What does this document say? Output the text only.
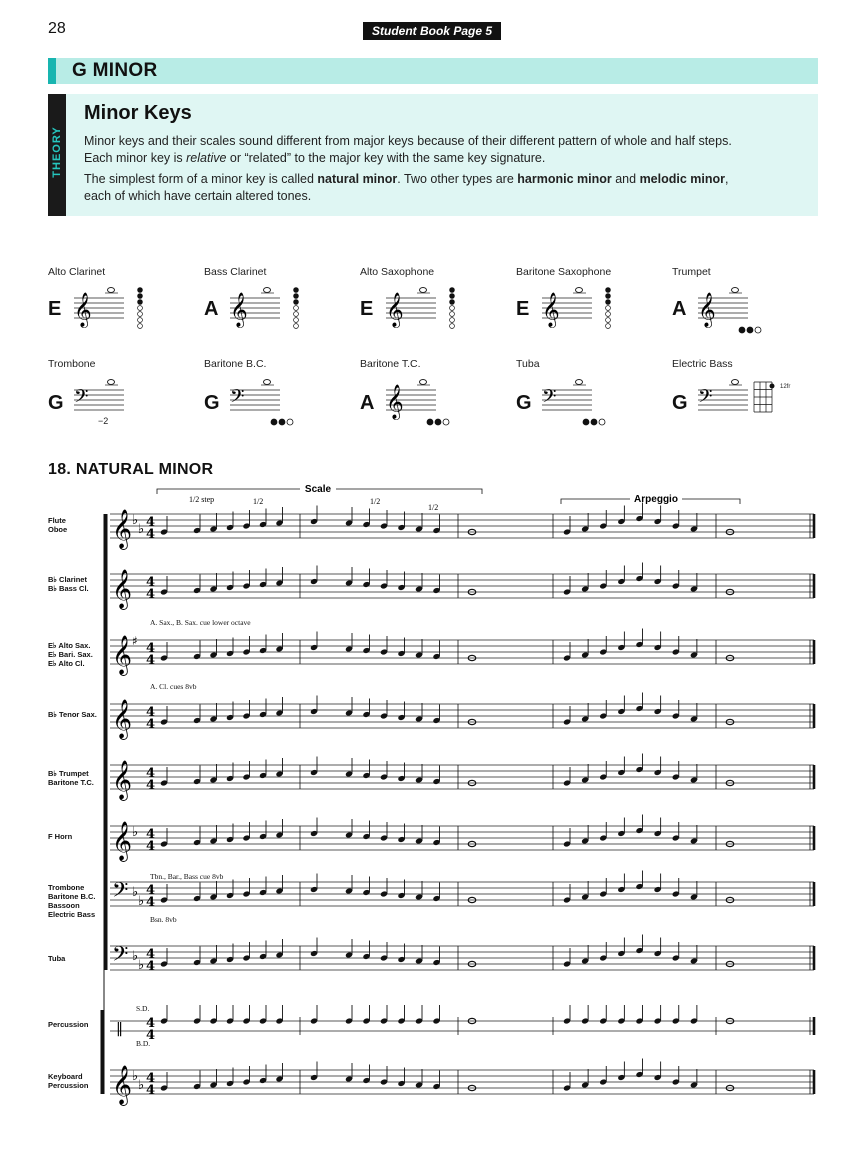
28	Student Book Page 5
G MINOR
THEORY
Minor Keys
Minor keys and their scales sound different from major keys because of their different pattern of whole and half steps.
Each minor key is relative or “related” to the major key with the same key signature.
The simplest form of a minor key is called natural minor. Two other types are harmonic minor and melodic minor,
each of which have certain altered tones.
Alto Clarinet	Bass Clarinet	Alto Saxophone	Baritone Saxophone	Trumpet
E	A	E	E	A
Trombone	Baritone B.C.	Baritone T.C.	Tuba	Electric Bass
G	G	A	G	G
−2
12fr
18. NATURAL MINOR
Flute
Oboe
B♭ Clarinet
B♭ Bass Cl.
E♭ Alto Sax.
E♭ Bari. Sax.
E♭ Alto Cl.
B♭ Tenor Sax.
B♭ Trumpet
Baritone T.C.
F Horn
Trombone
Baritone B.C.
Bassoon
Electric Bass
Tuba
Percussion
Keyboard
Percussion
A. Sax., B. Sax. cue lower octave
A. Cl. cues 8vb
Tbn., Bar., Bass cue 8vb
Bsn. 8vb
S.D.
B.D.
Scale
Arpeggio
1/2 step	1/2	1/2
1/2
𝄞	𝄞	𝄞	𝄞	𝄞
𝄢	𝄢	𝄞	𝄢	𝄢
𝄞 ♭
♭ 4
4
𝄞 4
4
𝄞 ♯ 4
4
𝄞 4
4
𝄞 4
4
𝄞 ♭ 4
4
𝄢 ♭
♭
4
4
𝄢 ♭
♭
4
4
‖ 4
4
𝄞 ♭
♭ 4
4
